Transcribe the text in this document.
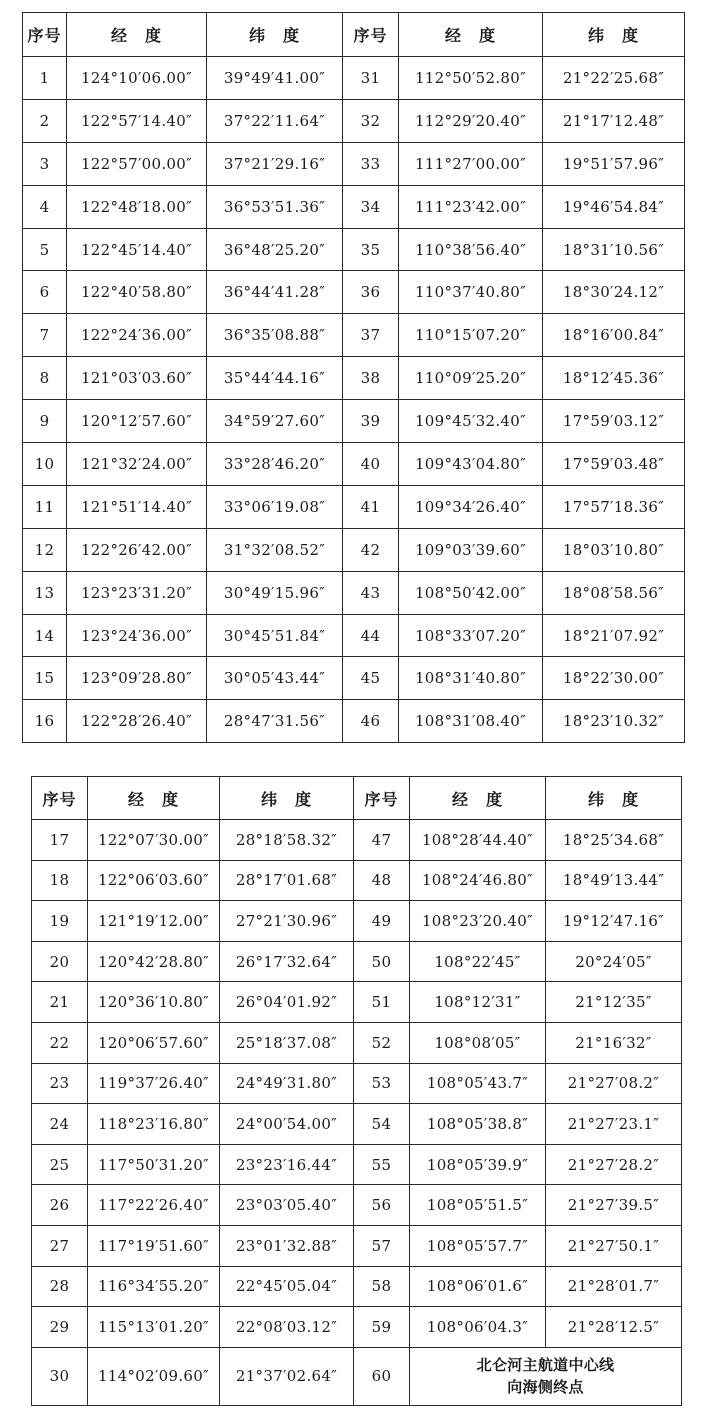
序号	经　度	纬　度	序号	经　度	纬　度
1	124°10′06.00″	39°49′41.00″	31	112°50′52.80″	21°22′25.68″
2	122°57′14.40″	37°22′11.64″	32	112°29′20.40″	21°17′12.48″
3	122°57′00.00″	37°21′29.16″	33	111°27′00.00″	19°51′57.96″
4	122°48′18.00″	36°53′51.36″	34	111°23′42.00″	19°46′54.84″
5	122°45′14.40″	36°48′25.20″	35	110°38′56.40″	18°31′10.56″
6	122°40′58.80″	36°44′41.28″	36	110°37′40.80″	18°30′24.12″
7	122°24′36.00″	36°35′08.88″	37	110°15′07.20″	18°16′00.84″
8	121°03′03.60″	35°44′44.16″	38	110°09′25.20″	18°12′45.36″
9	120°12′57.60″	34°59′27.60″	39	109°45′32.40″	17°59′03.12″
10	121°32′24.00″	33°28′46.20″	40	109°43′04.80″	17°59′03.48″
11	121°51′14.40″	33°06′19.08″	41	109°34′26.40″	17°57′18.36″
12	122°26′42.00″	31°32′08.52″	42	109°03′39.60″	18°03′10.80″
13	123°23′31.20″	30°49′15.96″	43	108°50′42.00″	18°08′58.56″
14	123°24′36.00″	30°45′51.84″	44	108°33′07.20″	18°21′07.92″
15	123°09′28.80″	30°05′43.44″	45	108°31′40.80″	18°22′30.00″
16	122°28′26.40″	28°47′31.56″	46	108°31′08.40″	18°23′10.32″
序号	经　度	纬　度	序号	经　度	纬　度
17	122°07′30.00″	28°18′58.32″	47	108°28′44.40″	18°25′34.68″
18	122°06′03.60″	28°17′01.68″	48	108°24′46.80″	18°49′13.44″
19	121°19′12.00″	27°21′30.96″	49	108°23′20.40″	19°12′47.16″
20	120°42′28.80″	26°17′32.64″	50	108°22′45″	20°24′05″
21	120°36′10.80″	26°04′01.92″	51	108°12′31″	21°12′35″
22	120°06′57.60″	25°18′37.08″	52	108°08′05″	21°16′32″
23	119°37′26.40″	24°49′31.80″	53	108°05′43.7″	21°27′08.2″
24	118°23′16.80″	24°00′54.00″	54	108°05′38.8″	21°27′23.1″
25	117°50′31.20″	23°23′16.44″	55	108°05′39.9″	21°27′28.2″
26	117°22′26.40″	23°03′05.40″	56	108°05′51.5″	21°27′39.5″
27	117°19′51.60″	23°01′32.88″	57	108°05′57.7″	21°27′50.1″
28	116°34′55.20″	22°45′05.04″	58	108°06′01.6″	21°28′01.7″
29	115°13′01.20″	22°08′03.12″	59	108°06′04.3″	21°28′12.5″
30	114°02′09.60″	21°37′02.64″	60	北仑河主航道中心线
向海侧终点	
